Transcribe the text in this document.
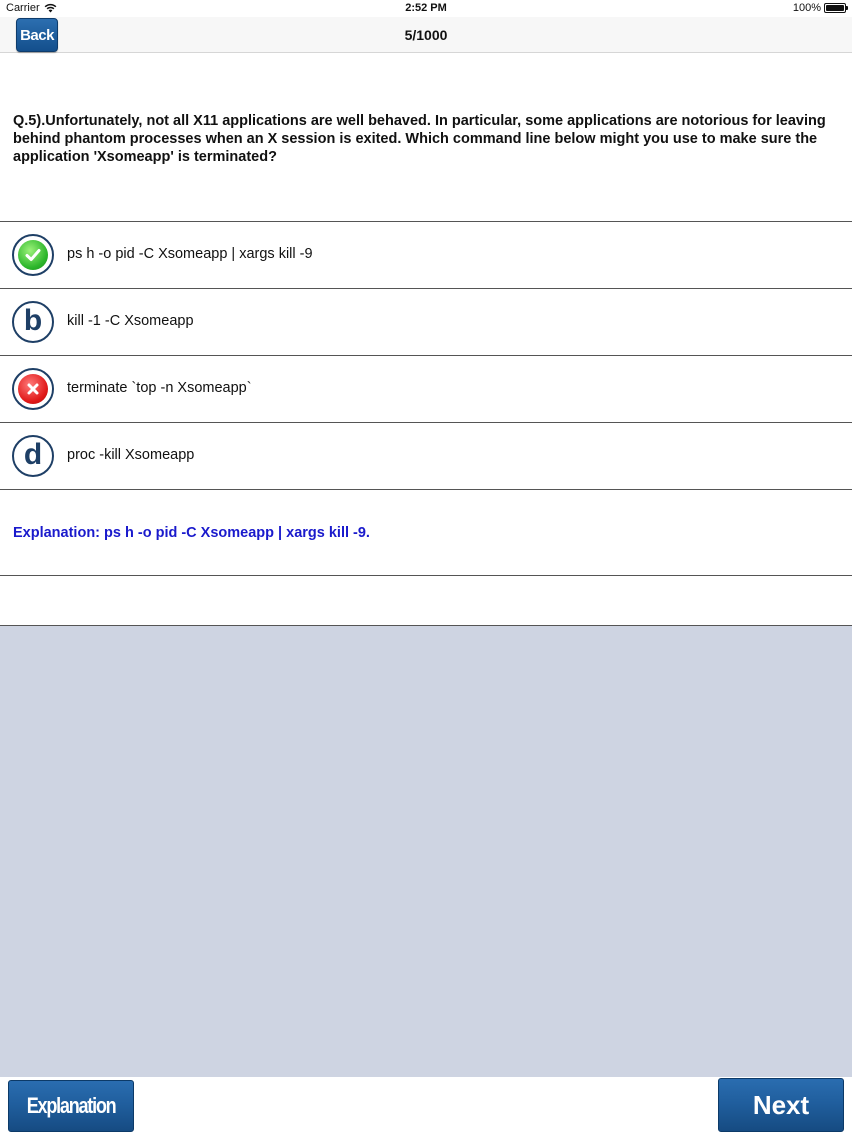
Carrier	2:52 PM	100%
Back	5/1000
Q.5).Unfortunately, not all X11 applications are well behaved. In particular, some applications are notorious for leaving behind phantom processes when an X session is exited. Which command line below might you use to make sure the application 'Xsomeapp' is terminated?
ps h -o pid -C Xsomeapp | xargs kill -9
b kill -1 -C Xsomeapp
terminate `top -n Xsomeapp`
d proc -kill Xsomeapp
Explanation: ps h -o pid -C Xsomeapp | xargs kill -9.
Explanation	Next
